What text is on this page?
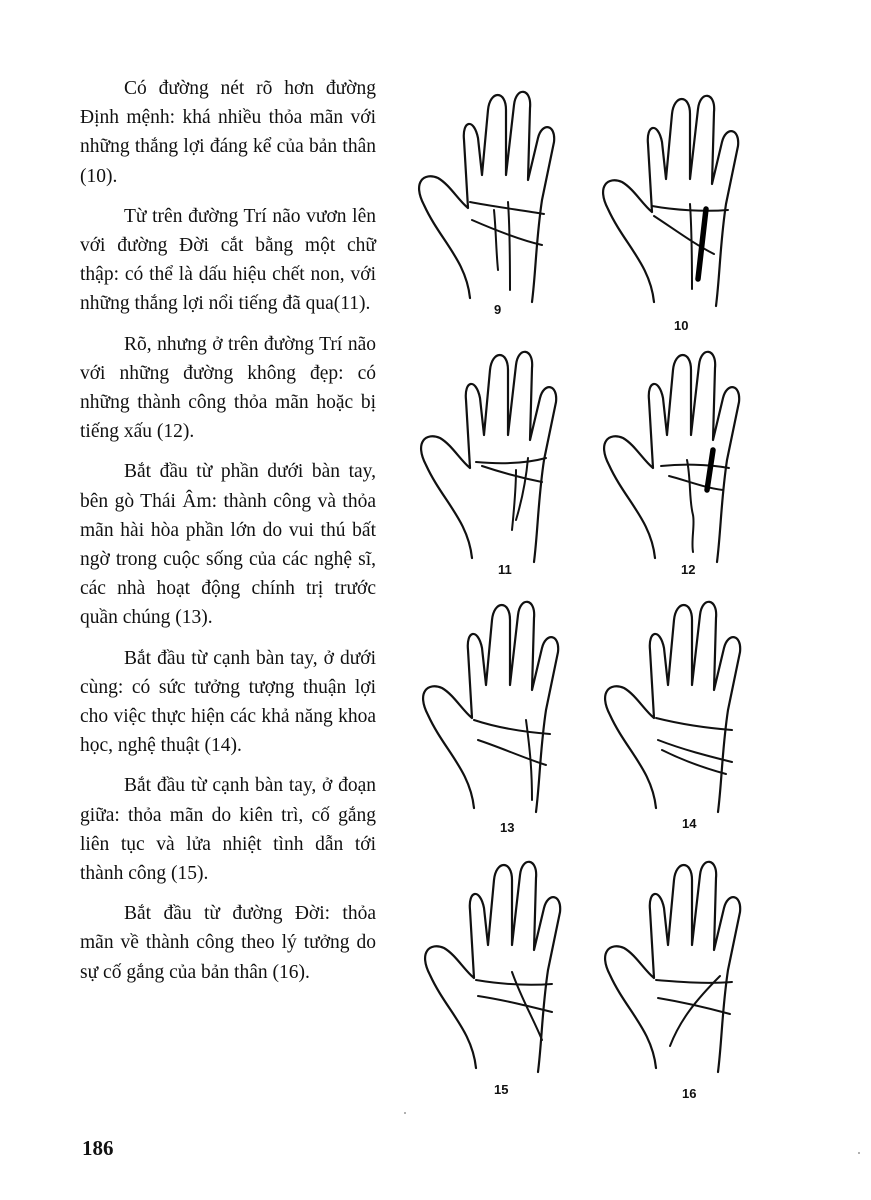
Có đường nét rõ hơn đường Định mệnh: khá nhiều thỏa mãn với những thắng lợi đáng kể của bản thân (10).

Từ trên đường Trí não vươn lên với đường Đời cắt bằng một chữ thập: có thể là dấu hiệu chết non, với những thắng lợi nổi tiếng đã qua(11).

Rõ, nhưng ở trên đường Trí não với những đường không đẹp: có những thành công thỏa mãn hoặc bị tiếng xấu (12).

Bắt đầu từ phần dưới bàn tay, bên gò Thái Âm: thành công và thỏa mãn hài hòa phần lớn do vui thú bất ngờ trong cuộc sống của các nghệ sĩ, các nhà hoạt động chính trị trước quần chúng (13).

Bắt đầu từ cạnh bàn tay, ở dưới cùng: có sức tưởng tượng thuận lợi cho việc thực hiện các khả năng khoa học, nghệ thuật (14).

Bắt đầu từ cạnh bàn tay, ở đoạn giữa: thỏa mãn do kiên trì, cố gắng liên tục và lửa nhiệt tình dẫn tới thành công (15).

Bắt đầu từ đường Đời: thỏa mãn về thành công theo lý tưởng do sự cố gắng của bản thân (16).

9
10
11	12
13	14
15	16
186
